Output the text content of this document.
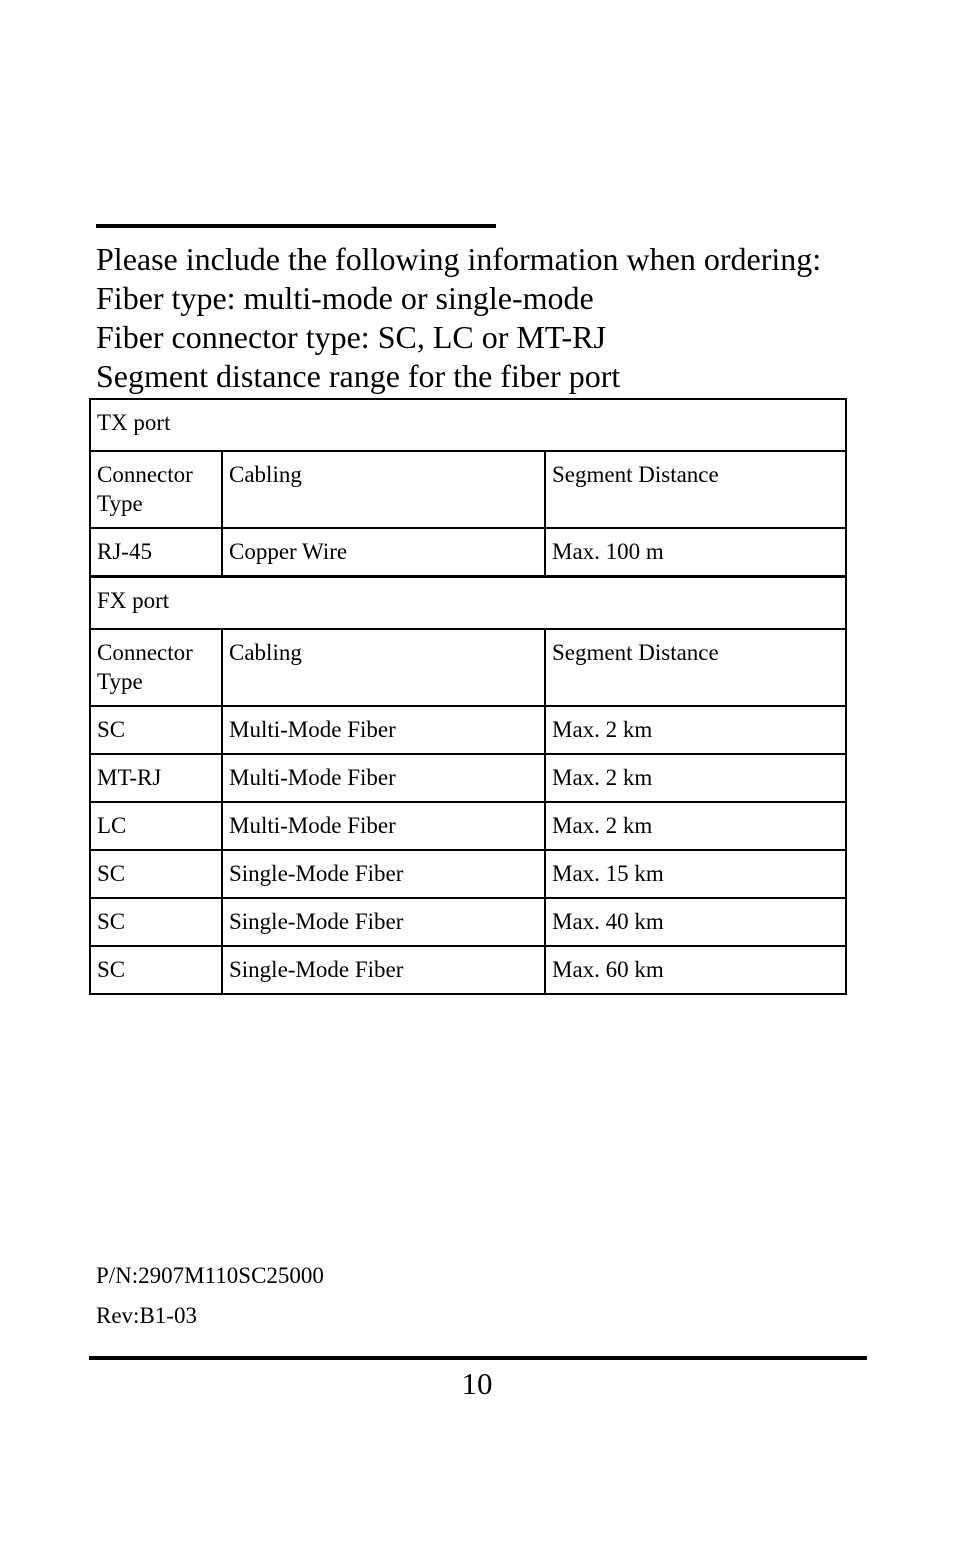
Please include the following information when ordering:
Fiber type: multi-mode or single-mode
Fiber connector type: SC, LC or MT-RJ
Segment distance range for the fiber port
TX port		
Connector Type	Cabling	Segment Distance
RJ-45	Copper Wire	Max. 100 m
FX port		
Connector Type	Cabling	Segment Distance
SC	Multi-Mode Fiber	Max. 2 km
MT-RJ	Multi-Mode Fiber	Max. 2 km
LC	Multi-Mode Fiber	Max. 2 km
SC	Single-Mode Fiber	Max. 15 km
SC	Single-Mode Fiber	Max. 40 km
SC	Single-Mode Fiber	Max. 60 km
P/N:2907M110SC25000
Rev:B1-03
10
